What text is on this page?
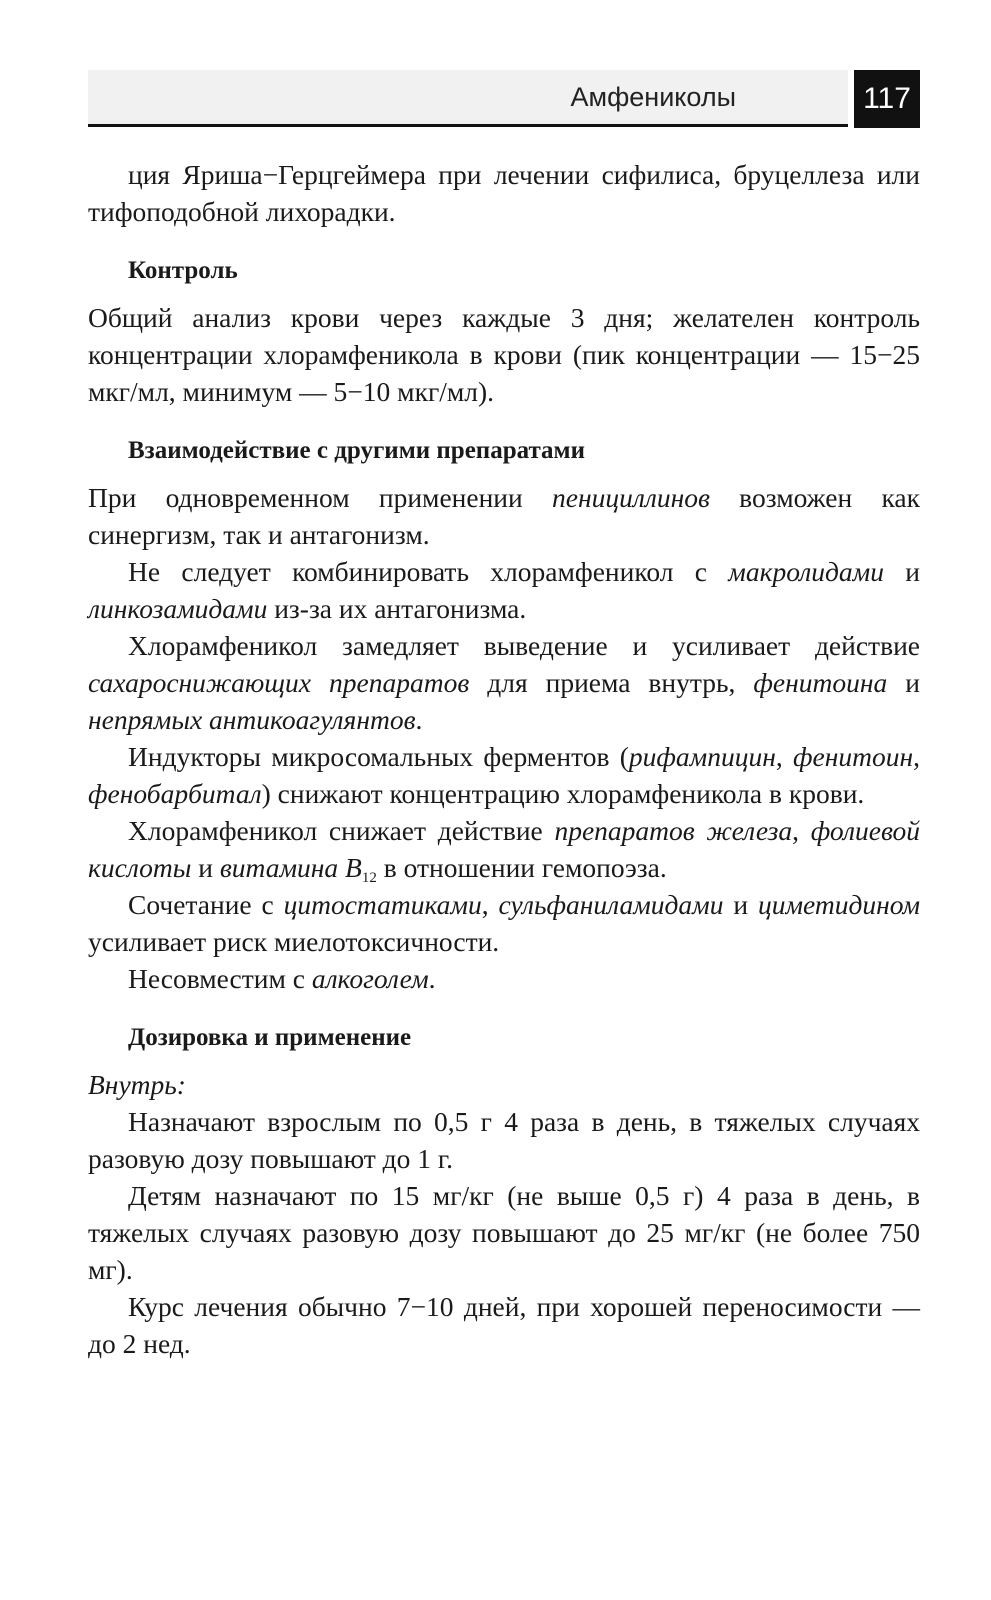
Амфениколы	117

ция Яриша−Герцгеймера при лечении сифилиса, бруцеллеза или тифоподобной лихорадки.

Контроль

Общий анализ крови через каждые 3 дня; желателен контроль концентрации хлорамфеникола в крови (пик концентрации — 15−25 мкг/мл, минимум — 5−10 мкг/мл).

Взаимодействие с другими препаратами

При одновременном применении пенициллинов возможен как синергизм, так и антагонизм.

Не следует комбинировать хлорамфеникол с макролидами и линкозамидами из-за их антагонизма.

Хлорамфеникол замедляет выведение и усиливает действие сахароснижающих препаратов для приема внутрь, фенитоина и непрямых антикоагулянтов.

Индукторы микросомальных ферментов (рифампицин, фенитоин, фенобарбитал) снижают концентрацию хлорамфеникола в крови.

Хлорамфеникол снижает действие препаратов железа, фолиевой кислоты и витамина $B_{12}$ в отношении гемопоэза.

Сочетание с цитостатиками, сульфаниламидами и циметидином усиливает риск миелотоксичности.

Несовместим с алкоголем.

Дозировка и применение

Внутрь:

Назначают взрослым по 0,5 г 4 раза в день, в тяжелых случаях разовую дозу повышают до 1 г.

Детям назначают по 15 мг/кг (не выше 0,5 г) 4 раза в день, в тяжелых случаях разовую дозу повышают до 25 мг/кг (не более 750 мг).

Курс лечения обычно 7−10 дней, при хорошей переносимости — до 2 нед.
